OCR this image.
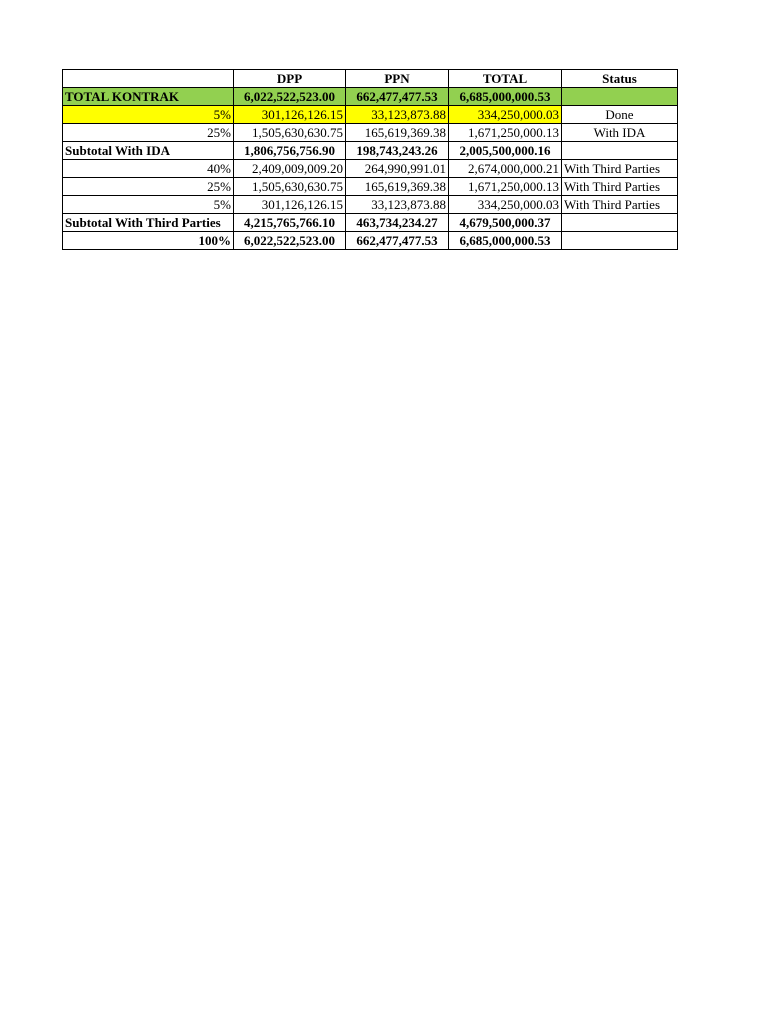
	DPP	PPN	TOTAL	Status
TOTAL KONTRAK	6,022,522,523.00	662,477,477.53	6,685,000,000.53	
5%	301,126,126.15	33,123,873.88	334,250,000.03	Done
25%	1,505,630,630.75	165,619,369.38	1,671,250,000.13	With IDA
Subtotal With IDA	1,806,756,756.90	198,743,243.26	2,005,500,000.16	
40%	2,409,009,009.20	264,990,991.01	2,674,000,000.21	With Third Parties
25%	1,505,630,630.75	165,619,369.38	1,671,250,000.13	With Third Parties
5%	301,126,126.15	33,123,873.88	334,250,000.03	With Third Parties
Subtotal With Third Parties	4,215,765,766.10	463,734,234.27	4,679,500,000.37	
100%	6,022,522,523.00	662,477,477.53	6,685,000,000.53	
